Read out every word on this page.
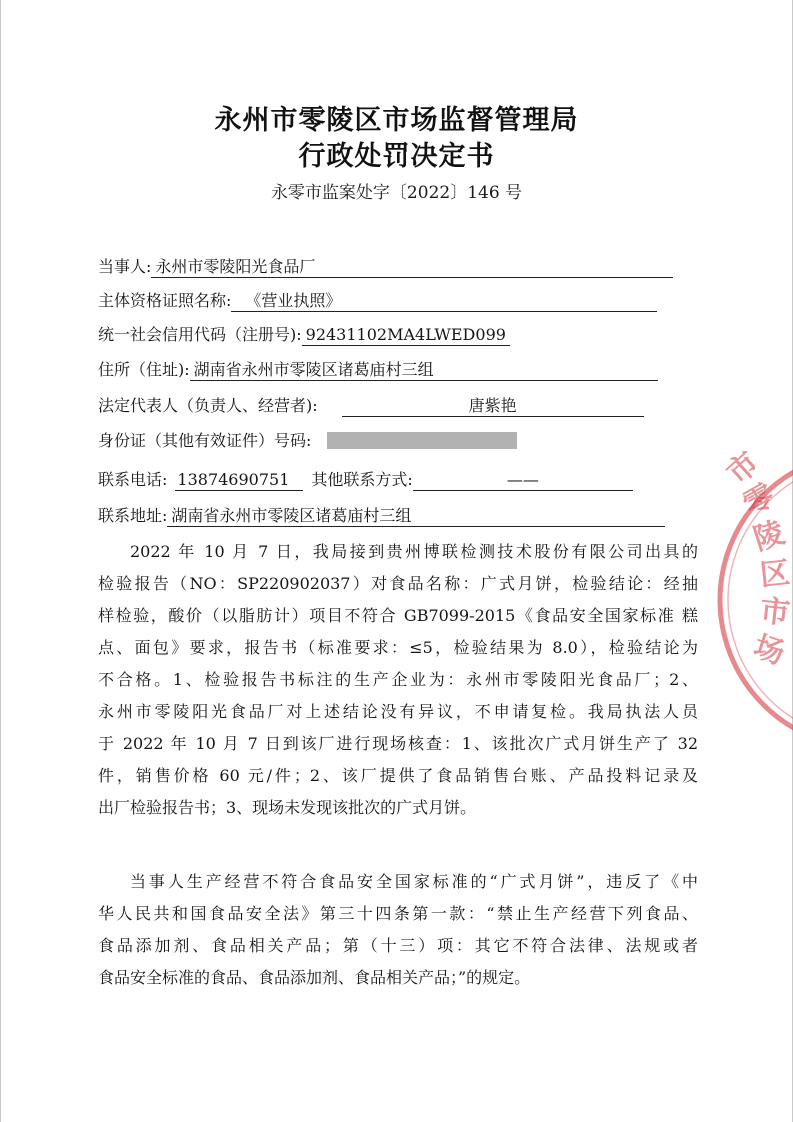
永州市零陵区市场监督管理局
行政处罚决定书
永零市监案处字〔2022〕146 号
当事人: 永州市零陵阳光食品厂
主体资格证照名称: 《营业执照》
统一社会信用代码（注册号): 92431102MA4LWED099
住所（住址): 湖南省永州市零陵区诸葛庙村三组
法定代表人（负责人、经营者):	唐紫艳
身份证（其他有效证件）号码:
联系电话: 13874690751 其他联系方式:	——
联系地址: 湖南省永州市零陵区诸葛庙村三组
2022 年 10 月 7 日，我局接到贵州博联检测技术股份有限公司出具的
检验报告（NO：SP220902037）对食品名称：广式月饼，检验结论：经抽
样检验，酸价（以脂肪计）项目不符合 GB7099-2015《食品安全国家标准 糕
点、面包》要求，报告书（标准要求：≤5，检验结果为 8.0），检验结论为
不合格。1、检验报告书标注的生产企业为：永州市零陵阳光食品厂；2、
永州市零陵阳光食品厂对上述结论没有异议，不申请复检。我局执法人员
于 2022 年 10 月 7 日到该厂进行现场核查：1、该批次广式月饼生产了 32
件，销售价格 60 元/件；2、该厂提供了食品销售台账、产品投料记录及
出厂检验报告书；3、现场未发现该批次的广式月饼。
当事人生产经营不符合食品安全国家标准的“广式月饼”，违反了《中
华人民共和国食品安全法》第三十四条第一款：“禁止生产经营下列食品、
食品添加剂、食品相关产品；第（十三）项：其它不符合法律、法规或者
食品安全标准的食品、食品添加剂、食品相关产品；”的规定。
市
零
陵
区
市
场
